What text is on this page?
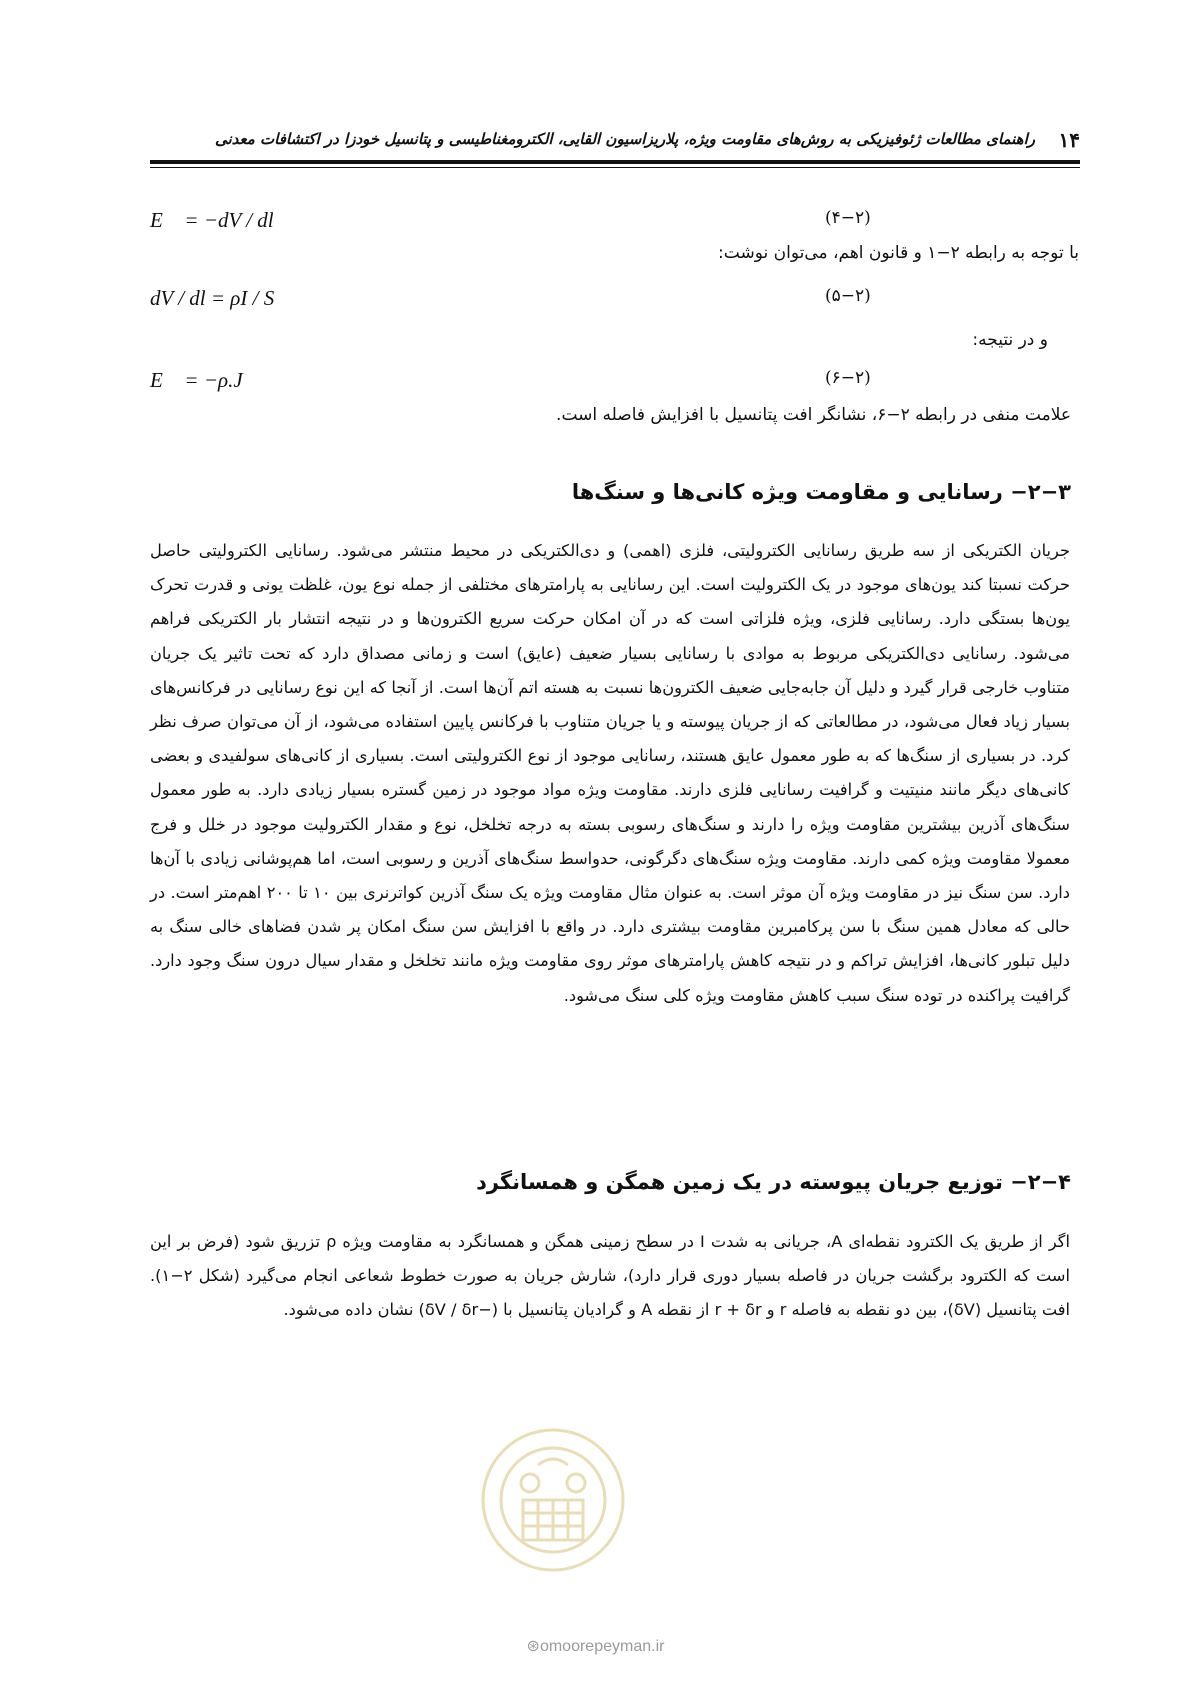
۱۴
راهنمای مطالعات ژئوفیزیکی به روش‌های مقاومت ویژه، پلاریزاسیون القایی، الکترومغناطیسی و پتانسیل خودزا در اکتشافات معدنی
E⃗ = −dV / dl	(۴−۲)
با توجه به رابطه ۲−۱ و قانون اهم، می‌توان نوشت:
dV / dl = ρI / S	(۵−۲)
و در نتیجه:
E⃗ = −ρ.J⃗	(۶−۲)
علامت منفی در رابطه ۲−۶، نشانگر افت پتانسیل با افزایش فاصله است.
۲−۳− رسانایی و مقاومت ویژه کانی‌ها و سنگ‌ها
جریان الکتریکی از سه طریق رسانایی الکترولیتی، فلزی (اهمی) و دی‌الکتریکی در محیط منتشر می‌شود. رسانایی الکترولیتی حاصل حرکت نسبتا کند یون‌های موجود در یک الکترولیت است. این رسانایی به پارامترهای مختلفی از جمله نوع یون، غلظت یونی و قدرت تحرک یون‌ها بستگی دارد. رسانایی فلزی، ویژه فلزاتی است که در آن امکان حرکت سریع الکترون‌ها و در نتیجه انتشار بار الکتریکی فراهم می‌شود. رسانایی دی‌الکتریکی مربوط به موادی با رسانایی بسیار ضعیف (عایق) است و زمانی مصداق دارد که تحت تاثیر یک جریان متناوب خارجی قرار گیرد و دلیل آن جابه‌جایی ضعیف الکترون‌ها نسبت به هسته اتم آن‌ها است. از آنجا که این نوع رسانایی در فرکانس‌های بسیار زیاد فعال می‌شود، در مطالعاتی که از جریان پیوسته و یا جریان متناوب با فرکانس پایین استفاده می‌شود، از آن می‌توان صرف نظر کرد. در بسیاری از سنگ‌ها که به طور معمول عایق هستند، رسانایی موجود از نوع الکترولیتی است. بسیاری از کانی‌های سولفیدی و بعضی کانی‌های دیگر مانند منیتیت و گرافیت رسانایی فلزی دارند. مقاومت ویژه مواد موجود در زمین گستره بسیار زیادی دارد. به طور معمول سنگ‌های آذرین بیشترین مقاومت ویژه را دارند و سنگ‌های رسوبی بسته به درجه تخلخل، نوع و مقدار الکترولیت موجود در خلل و فرج معمولا مقاومت ویژه کمی دارند. مقاومت ویژه سنگ‌های دگرگونی، حدواسط سنگ‌های آذرین و رسوبی است، اما هم‌پوشانی زیادی با آن‌ها دارد. سن سنگ نیز در مقاومت ویژه آن موثر است. به عنوان مثال مقاومت ویژه یک سنگ آذرین کواترنری بین ۱۰ تا ۲۰۰ اهم‌متر است. در حالی که معادل همین سنگ با سن پرکامبرین مقاومت بیشتری دارد. در واقع با افزایش سن سنگ امکان پر شدن فضاهای خالی سنگ به دلیل تبلور کانی‌ها، افزایش تراکم و در نتیجه کاهش پارامترهای موثر روی مقاومت ویژه مانند تخلخل و مقدار سیال درون سنگ وجود دارد. گرافیت پراکنده در توده سنگ سبب کاهش مقاومت ویژه کلی سنگ می‌شود.
۲−۴− توزیع جریان پیوسته در یک زمین همگن و همسانگرد
اگر از طریق یک الکترود نقطه‌ای A، جریانی به شدت I در سطح زمینی همگن و همسانگرد به مقاومت ویژه ρ تزریق شود (فرض بر این است که الکترود برگشت جریان در فاصله بسیار دوری قرار دارد)، شارش جریان به صورت خطوط شعاعی انجام می‌گیرد (شکل ۲−۱). افت پتانسیل (δV)، بین دو نقطه به فاصله r و r + δr از نقطه A و گرادیان پتانسیل با (−δV / δr) نشان داده می‌شود.
⊛omoorepeyman.ir
